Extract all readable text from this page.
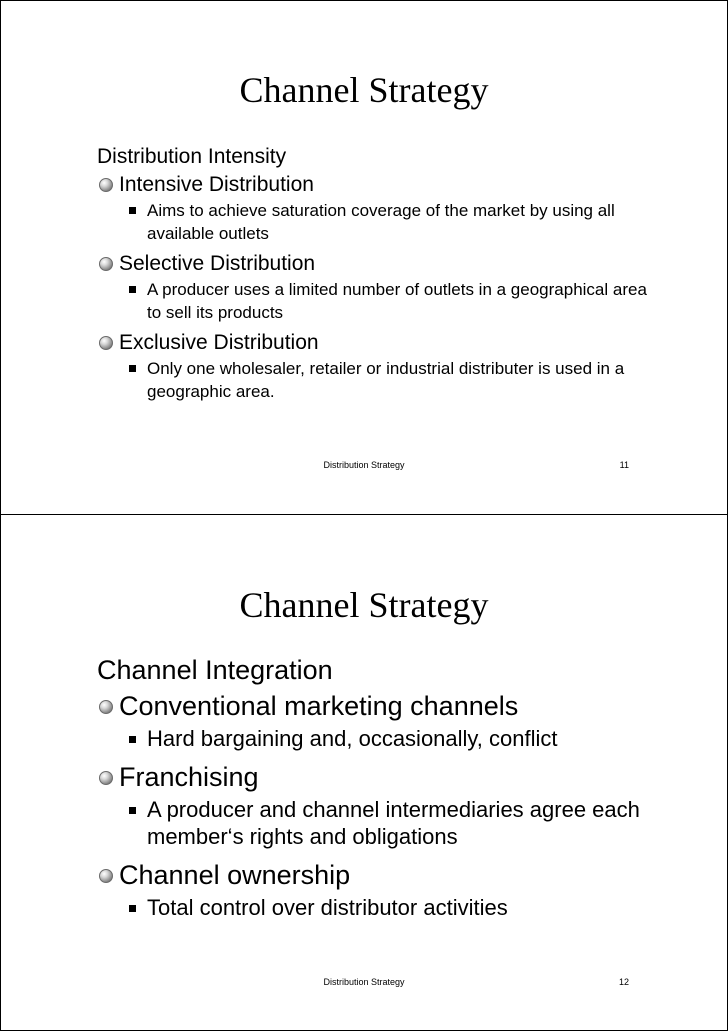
Channel Strategy
Distribution Intensity
Intensive Distribution
Aims to achieve saturation coverage of the market by using all available outlets
Selective Distribution
A producer uses a limited number of outlets in a geographical area to sell its products
Exclusive Distribution
Only one wholesaler, retailer or industrial distributer is used in a geographic area.
Distribution Strategy	11
Channel Strategy
Channel Integration
Conventional marketing channels
Hard bargaining and, occasionally, conflict
Franchising
A producer and channel intermediaries agree each member‘s rights and obligations
Channel ownership
Total control over distributor activities
Distribution Strategy	12
